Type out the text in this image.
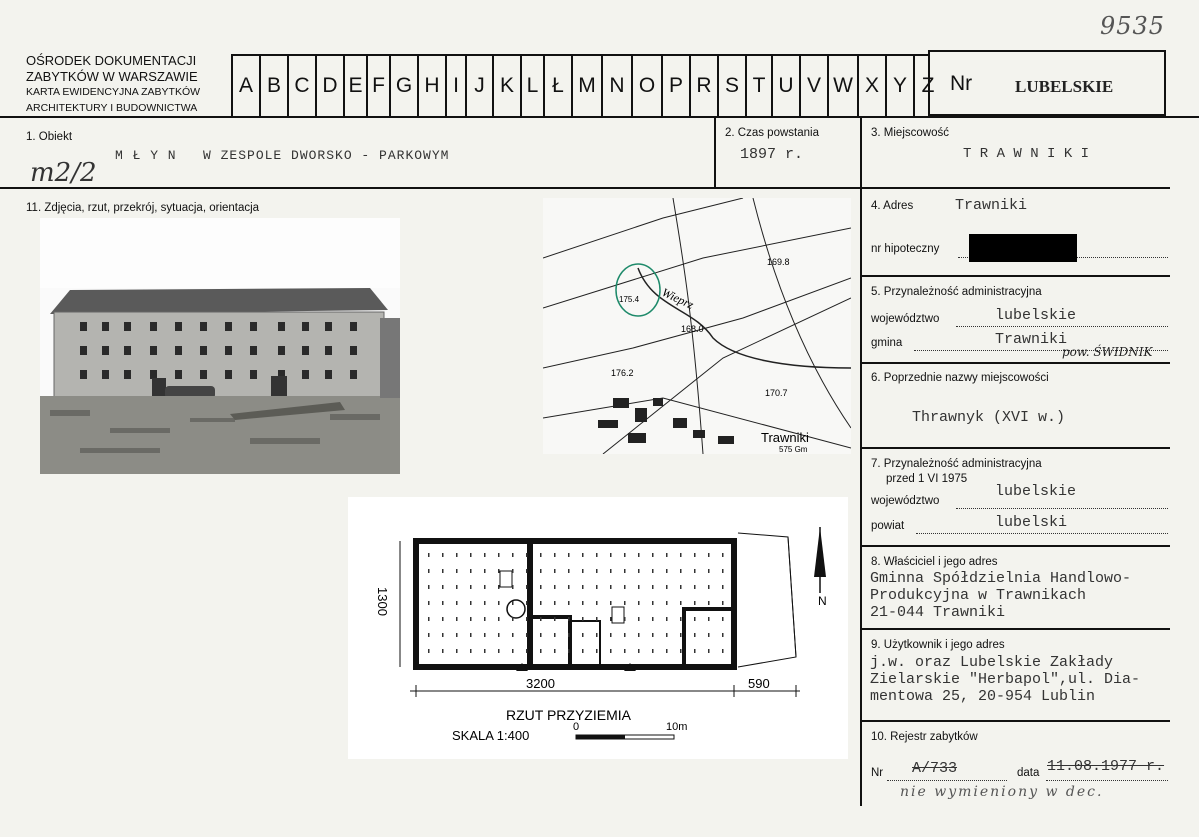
9535
OŚRODEK DOKUMENTACJI
ZABYTKÓW W WARSZAWIE
KARTA EWIDENCYJNA ZABYTKÓW
ARCHITEKTURY I BUDOWNICTWA
A B C D E F G H I J K L Ł M N O P R S T U V W X Y Z Nr	LUBELSKIE
1. Obiekt
M Ł Y N   W ZESPOLE DWORSKO - PARKOWYM
m2/2
2. Czas powstania
1897 r.
3. Miejscowość
T R A W N I K I
11. Zdjęcia, rzut, przekrój, sytuacja, orientacja
169.8
Wieprz
175.4
168.0
176.2
170.7
Trawniki
575 Gm
1300
3200	590
N
RZUT PRZYZIEMIA
SKALA 1:400
0	10m
4. Adres	Trawniki
nr hipoteczny
5. Przynależność administracyjna
województwo	lubelskie
gmina	Trawniki
pow. ŚWIDNIK
6. Poprzednie nazwy miejscowości
Thrawnyk (XVI w.)
7. Przynależność administracyjna
przed 1 VI 1975
województwo
lubelskie
powiat	lubelski
8. Właściciel i jego adres
Gminna Spółdzielnia Handlowo-
Produkcyjna w Trawnikach
21-044 Trawniki
9. Użytkownik i jego adres
j.w. oraz Lubelskie Zakłady
Zielarskie "Herbapol",ul. Dia-
mentowa 25, 20-954 Lublin
10. Rejestr zabytków
Nr A/733	data 11.08.1977 r.
nie wymieniony w dec.
